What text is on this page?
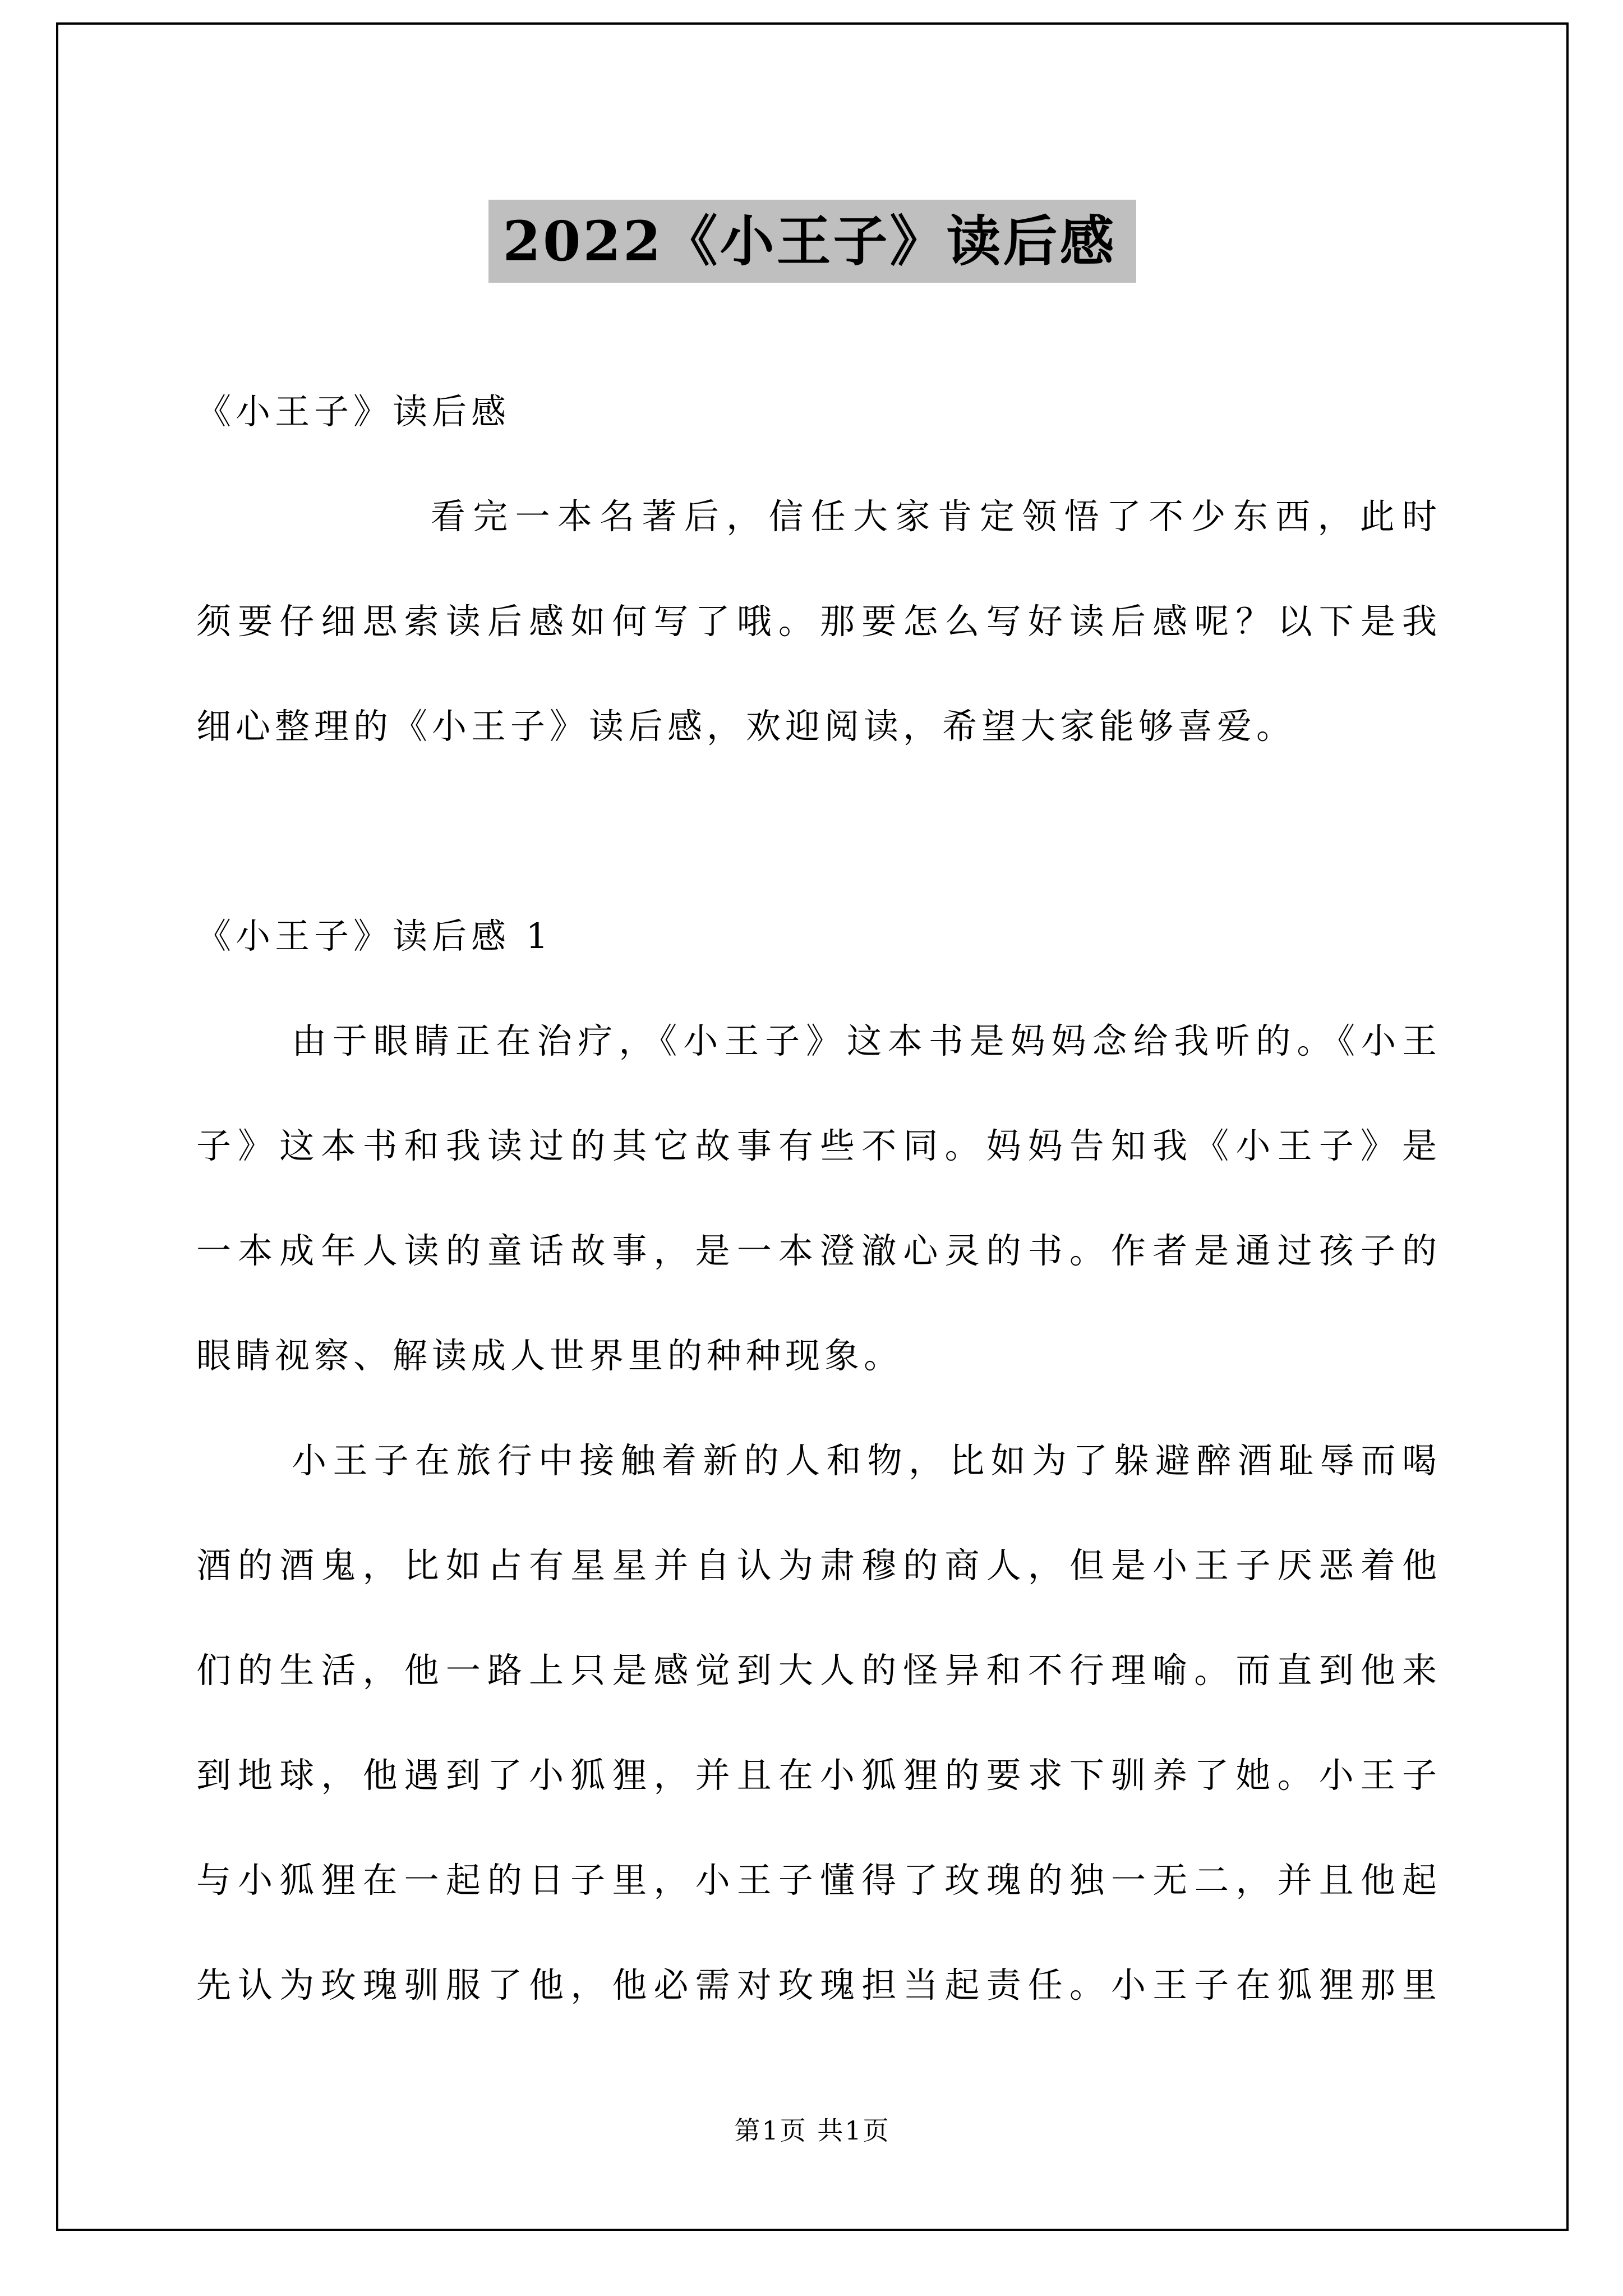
2022《小王子》读后感
《小王子》读后感
看完一本名著后，信任大家肯定领悟了不少东西，此时
须要仔细思索读后感如何写了哦。那要怎么写好读后感呢？以下是我
细心整理的《小王子》读后感，欢迎阅读，希望大家能够喜爱。
《小王子》读后感 1
由于眼睛正在治疗，《小王子》这本书是妈妈念给我听的。《小王
子》这本书和我读过的其它故事有些不同。妈妈告知我《小王子》是
一本成年人读的童话故事，是一本澄澈心灵的书。作者是通过孩子的
眼睛视察、解读成人世界里的种种现象。
小王子在旅行中接触着新的人和物，比如为了躲避醉酒耻辱而喝
酒的酒鬼，比如占有星星并自认为肃穆的商人，但是小王子厌恶着他
们的生活，他一路上只是感觉到大人的怪异和不行理喻。而直到他来
到地球，他遇到了小狐狸，并且在小狐狸的要求下驯养了她。小王子
与小狐狸在一起的日子里，小王子懂得了玫瑰的独一无二，并且他起
先认为玫瑰驯服了他，他必需对玫瑰担当起责任。小王子在狐狸那里
第1页 共1页
